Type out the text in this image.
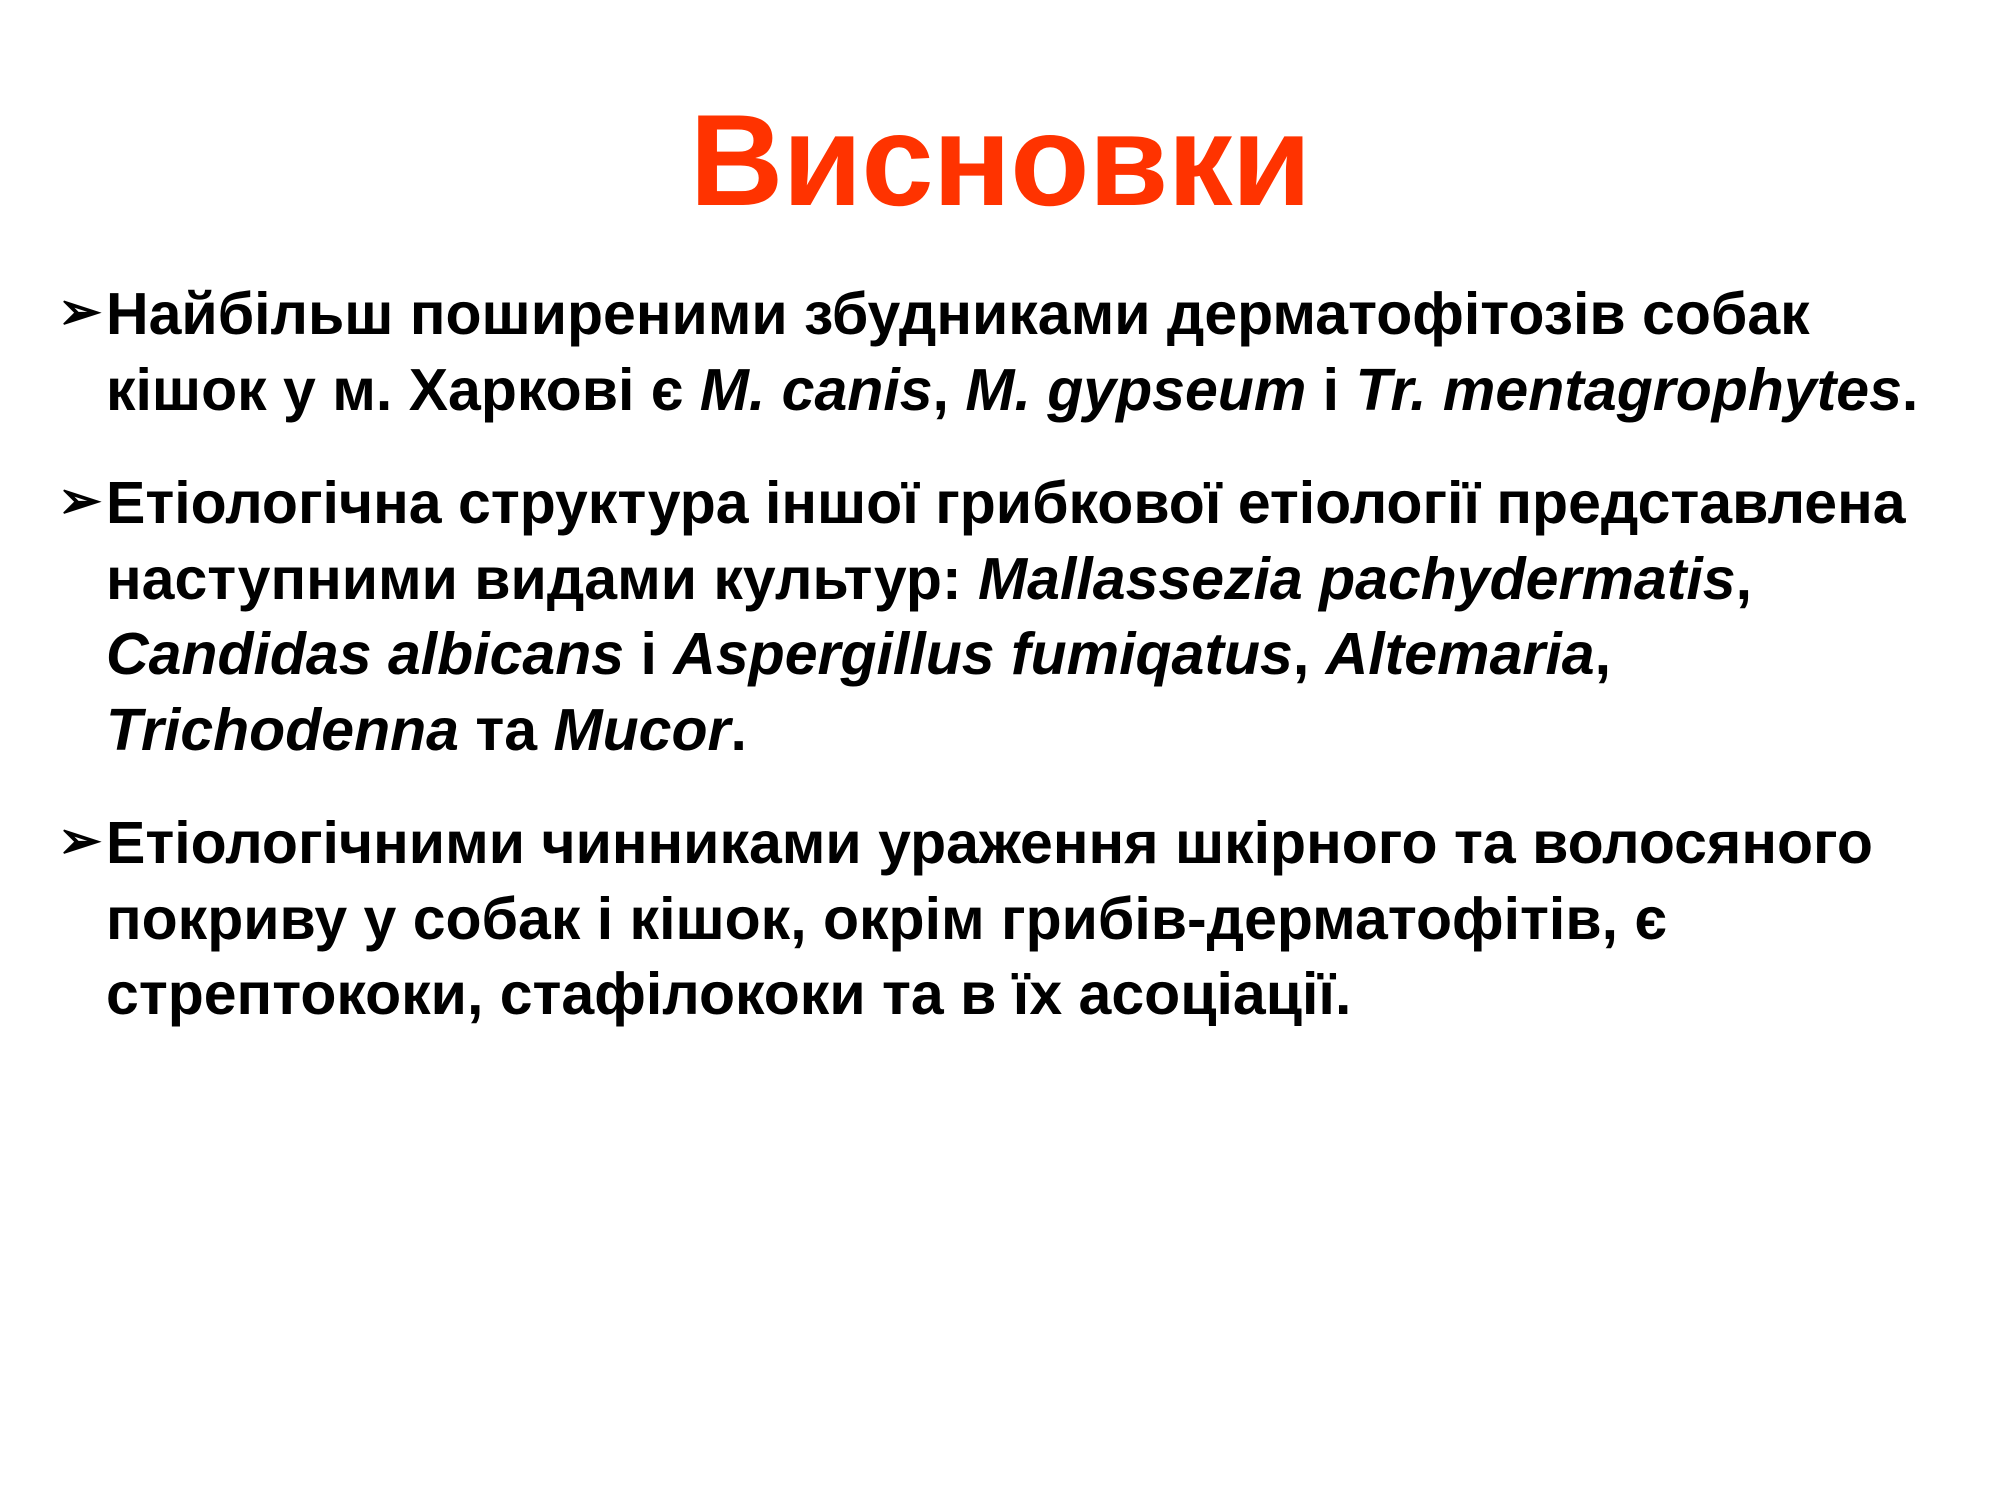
Висновки
➢ Найбільш поширеними збудниками дерматофітозів собак кішок у м. Харкові є M. canis, M. gypseum і Tr. mentagrophytes.
➢ Етіологічна структура іншої грибкової етіології представлена наступними видами культур: Mallassezia pachydermatis, Candidas albicans і Aspergillus fumiqatus, Altemaria, Trichodenna та Mucor.
➢ Етіологічними чинниками ураження шкірного та волосяного покриву у собак і кішок, окрім грибів-дерматофітів, є стрептококи, стафілококи та в їх асоціації.
